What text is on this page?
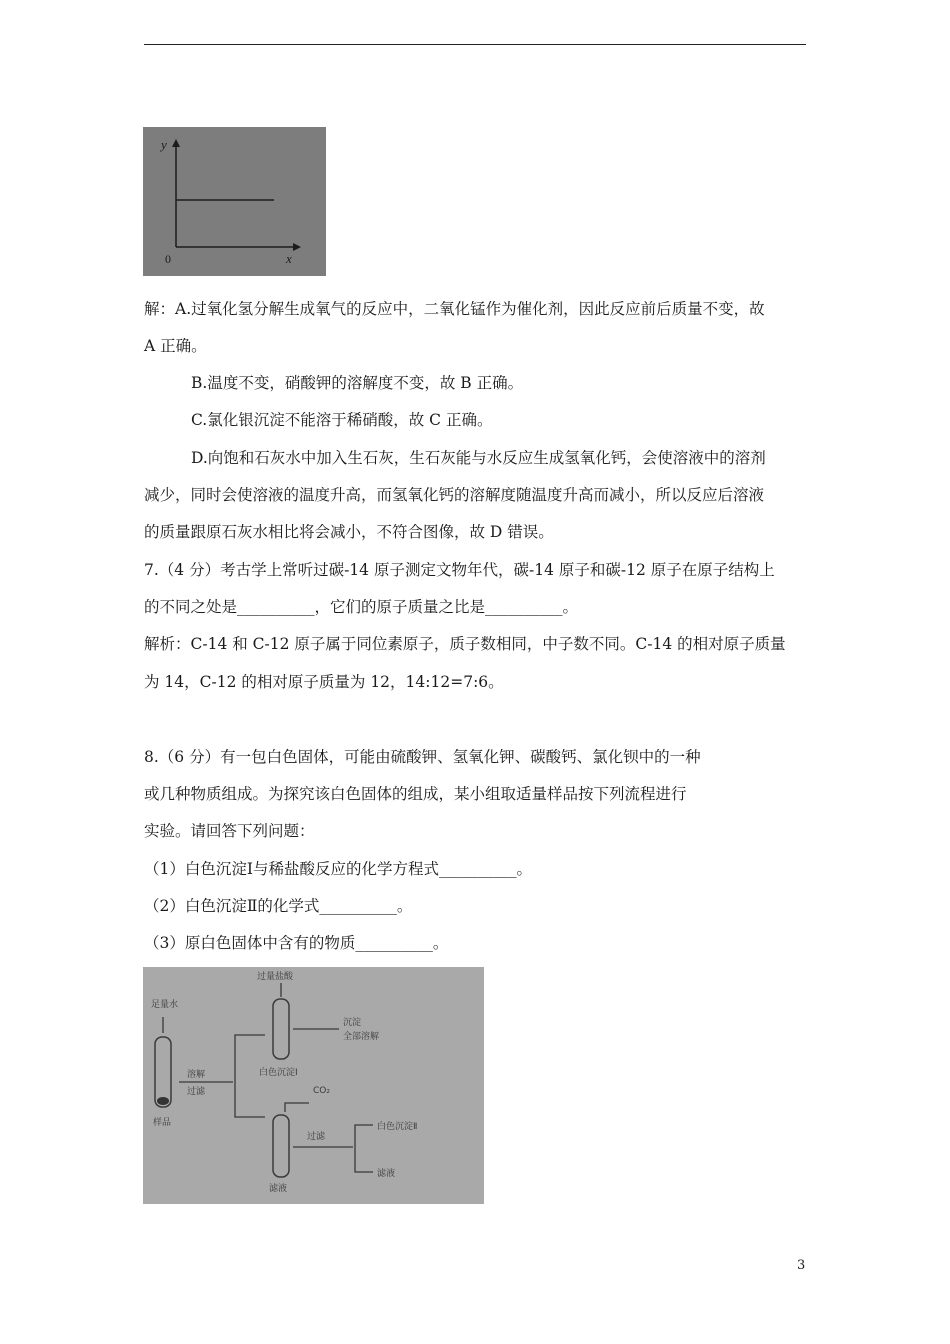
y
x
0
解：A.过氧化氢分解生成氧气的反应中，二氧化锰作为催化剂，因此反应前后质量不变，故
A 正确。
B.温度不变，硝酸钾的溶解度不变，故 B 正确。
C.氯化银沉淀不能溶于稀硝酸，故 C 正确。
D.向饱和石灰水中加入生石灰，生石灰能与水反应生成氢氧化钙，会使溶液中的溶剂
减少，同时会使溶液的温度升高，而氢氧化钙的溶解度随温度升高而减小，所以反应后溶液
的质量跟原石灰水相比将会减小，不符合图像，故 D 错误。
7.（4 分）考古学上常听过碳-14 原子测定文物年代，碳-14 原子和碳-12 原子在原子结构上
的不同之处是__________，它们的原子质量之比是__________。
解析：C-14 和 C-12 原子属于同位素原子，质子数相同，中子数不同。C-14 的相对原子质量
为 14，C-12 的相对原子质量为 12，14:12=7:6。
8.（6 分）有一包白色固体，可能由硫酸钾、氢氧化钾、碳酸钙、氯化钡中的一种
或几种物质组成。为探究该白色固体的组成，某小组取适量样品按下列流程进行
实验。请回答下列问题：
（1）白色沉淀Ⅰ与稀盐酸反应的化学方程式__________。
（2）白色沉淀Ⅱ的化学式__________。
（3）原白色固体中含有的物质__________。
足量水
样品
溶解
过滤
过量盐酸
白色沉淀Ⅰ
沉淀
全部溶解
CO₂
滤液
过滤
白色沉淀Ⅱ
滤液
3
